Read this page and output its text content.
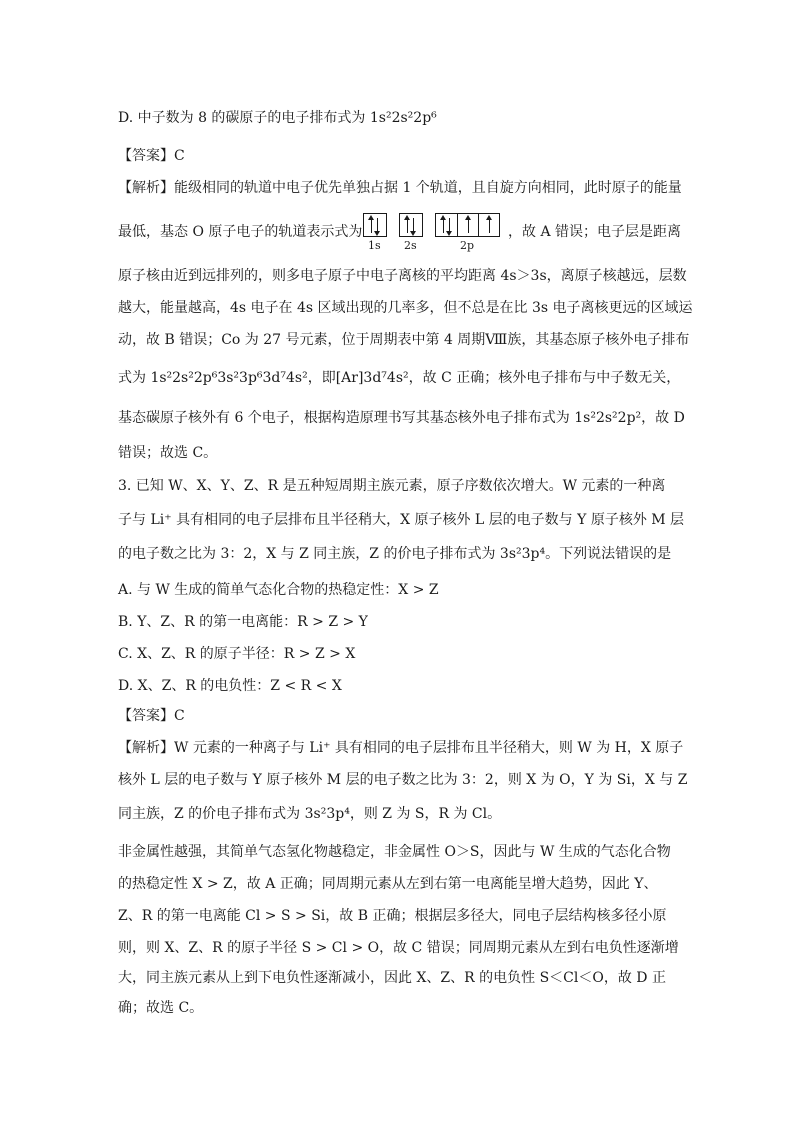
D. 中子数为 8 的碳原子的电子排布式为 1s²2s²2p⁶
【答案】C
【解析】能级相同的轨道中电子优先单独占据 1 个轨道，且自旋方向相同，此时原子的能量
最低，基态 O 原子电子的轨道表示式为
1s 2s	2p
，故 A 错误；电子层是距离
原子核由近到远排列的，则多电子原子中电子离核的平均距离 4s＞3s，离原子核越远，层数
越大，能量越高，4s 电子在 4s 区域出现的几率多，但不总是在比 3s 电子离核更远的区域运
动，故 B 错误；Co 为 27 号元素，位于周期表中第 4 周期Ⅷ族，其基态原子核外电子排布
式为 1s²2s²2p⁶3s²3p⁶3d⁷4s²，即[Ar]3d⁷4s²，故 C 正确；核外电子排布与中子数无关，
基态碳原子核外有 6 个电子，根据构造原理书写其基态核外电子排布式为 1s²2s²2p²，故 D
错误；故选 C。
3. 已知 W、X、Y、Z、R 是五种短周期主族元素，原子序数依次增大。W 元素的一种离
子与 Li⁺ 具有相同的电子层排布且半径稍大，X 原子核外 L 层的电子数与 Y 原子核外 M 层
的电子数之比为 3：2，X 与 Z 同主族，Z 的价电子排布式为 3s²3p⁴。下列说法错误的是
A. 与 W 生成的简单气态化合物的热稳定性：X > Z
B. Y、Z、R 的第一电离能：R > Z > Y
C. X、Z、R 的原子半径：R > Z > X
D. X、Z、R 的电负性：Z < R < X
【答案】C
【解析】W 元素的一种离子与 Li⁺ 具有相同的电子层排布且半径稍大，则 W 为 H，X 原子
核外 L 层的电子数与 Y 原子核外 M 层的电子数之比为 3：2，则 X 为 O，Y 为 Si，X 与 Z
同主族，Z 的价电子排布式为 3s²3p⁴，则 Z 为 S，R 为 Cl。
非金属性越强，其简单气态氢化物越稳定，非金属性 O＞S，因此与 W 生成的气态化合物
的热稳定性 X > Z，故 A 正确；同周期元素从左到右第一电离能呈增大趋势，因此 Y、
Z、R 的第一电离能 Cl > S > Si，故 B 正确；根据层多径大，同电子层结构核多径小原
则，则 X、Z、R 的原子半径 S > Cl > O，故 C 错误；同周期元素从左到右电负性逐渐增
大，同主族元素从上到下电负性逐渐减小，因此 X、Z、R 的电负性 S＜Cl＜O，故 D 正
确；故选 C。
